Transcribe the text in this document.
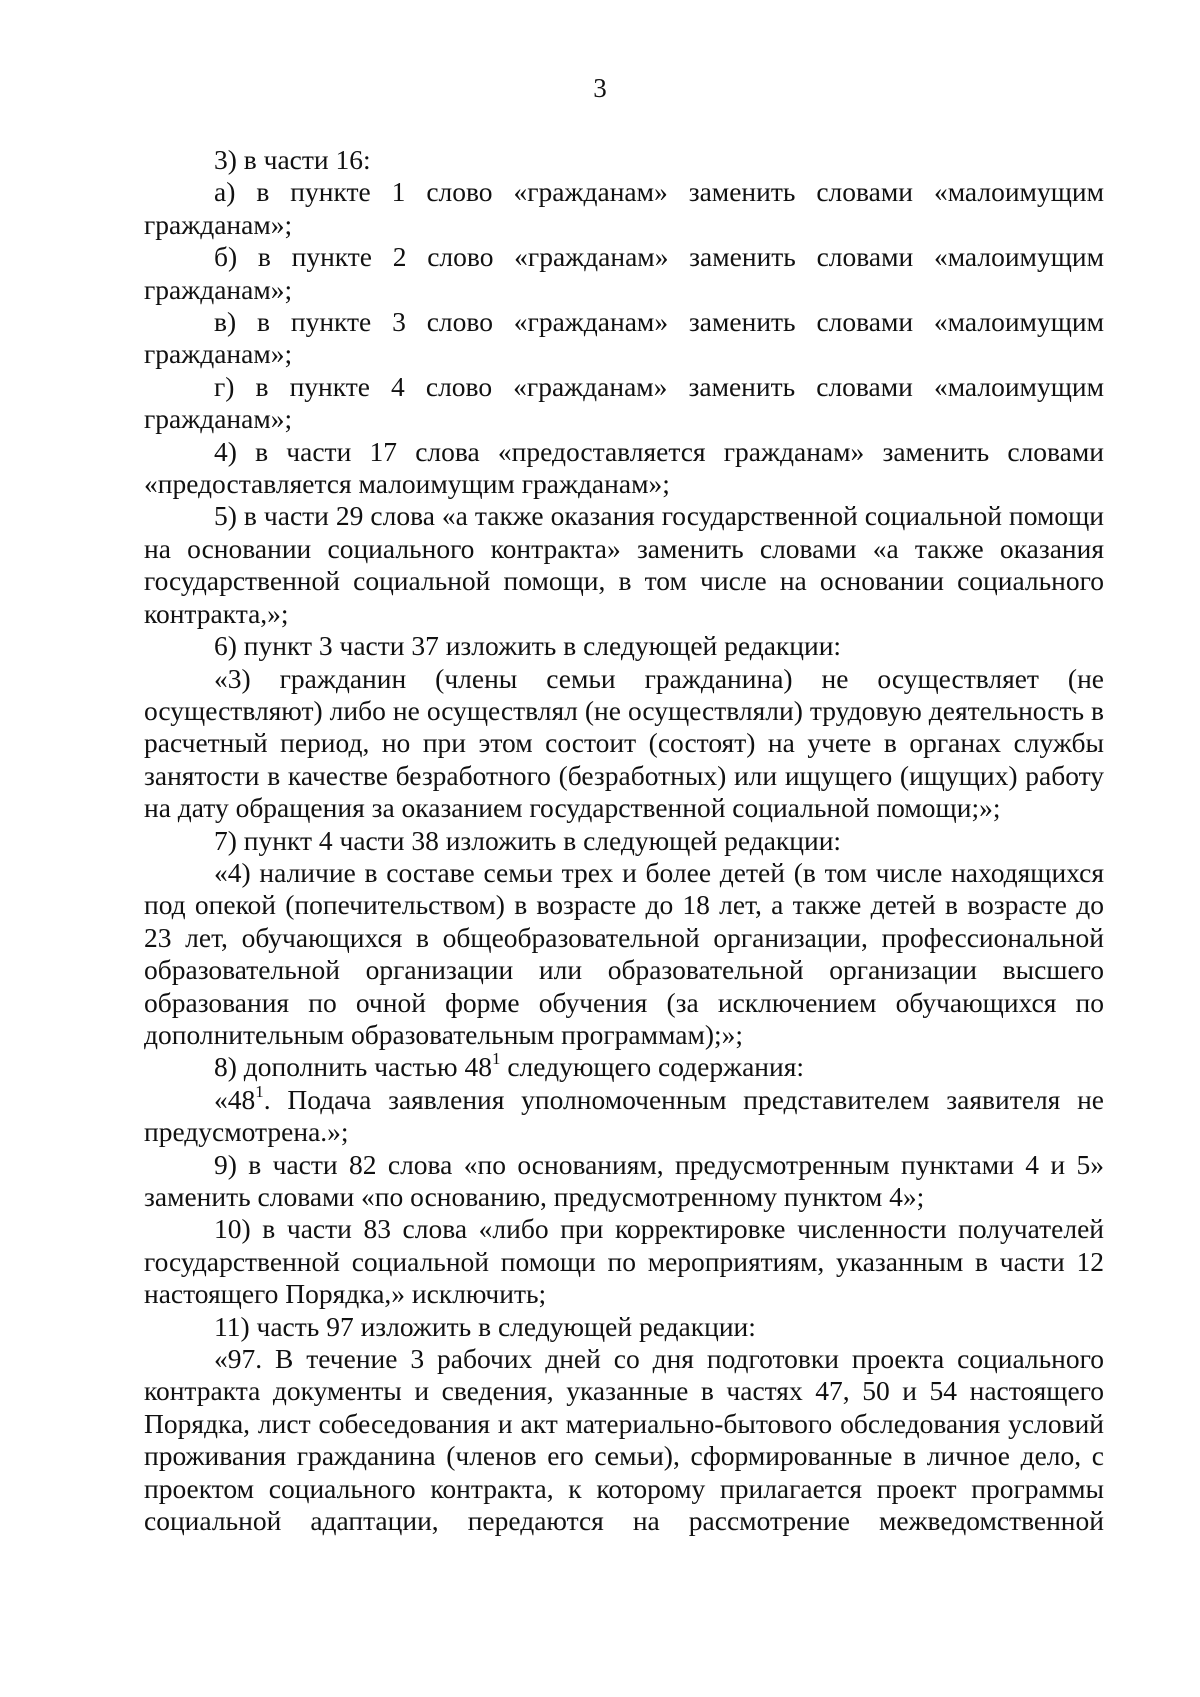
3

3) в части 16:

а) в пункте 1 слово «гражданам» заменить словами «малоимущим гражданам»;

б) в пункте 2 слово «гражданам» заменить словами «малоимущим гражданам»;

в) в пункте 3 слово «гражданам» заменить словами «малоимущим гражданам»;

г) в пункте 4 слово «гражданам» заменить словами «малоимущим гражданам»;

4) в части 17 слова «предоставляется гражданам» заменить словами «предоставляется малоимущим гражданам»;

5) в части 29 слова «а также оказания государственной социальной помощи на основании социального контракта» заменить словами «а также оказания государственной социальной помощи, в том числе на основании социального контракта,»;

6) пункт 3 части 37 изложить в следующей редакции:

«3) гражданин (члены семьи гражданина) не осуществляет (не осуществляют) либо не осуществлял (не осуществляли) трудовую деятельность в расчетный период, но при этом состоит (состоят) на учете в органах службы занятости в качестве безработного (безработных) или ищущего (ищущих) работу на дату обращения за оказанием государственной социальной помощи;»;

7) пункт 4 части 38 изложить в следующей редакции:

«4) наличие в составе семьи трех и более детей (в том числе находящихся под опекой (попечительством) в возрасте до 18 лет, а также детей в возрасте до 23 лет, обучающихся в общеобразовательной организации, профессиональной образовательной организации или образовательной организации высшего образования по очной форме обучения (за исключением обучающихся по дополнительным образовательным программам);»;

8) дополнить частью $48^1$ следующего содержания:

«$48^1$. Подача заявления уполномоченным представителем заявителя не предусмотрена.»;

9) в части 82 слова «по основаниям, предусмотренным пунктами 4 и 5» заменить словами «по основанию, предусмотренному пунктом 4»;

10) в части 83 слова «либо при корректировке численности получателей государственной социальной помощи по мероприятиям, указанным в части 12 настоящего Порядка,» исключить;

11) часть 97 изложить в следующей редакции:

«97. В течение 3 рабочих дней со дня подготовки проекта социального контракта документы и сведения, указанные в частях 47, 50 и 54 настоящего Порядка, лист собеседования и акт материально-бытового обследования условий проживания гражданина (членов его семьи), сформированные в личное дело, с проектом социального контракта, к которому прилагается проект программы социальной адаптации, передаются на рассмотрение межведомственной
